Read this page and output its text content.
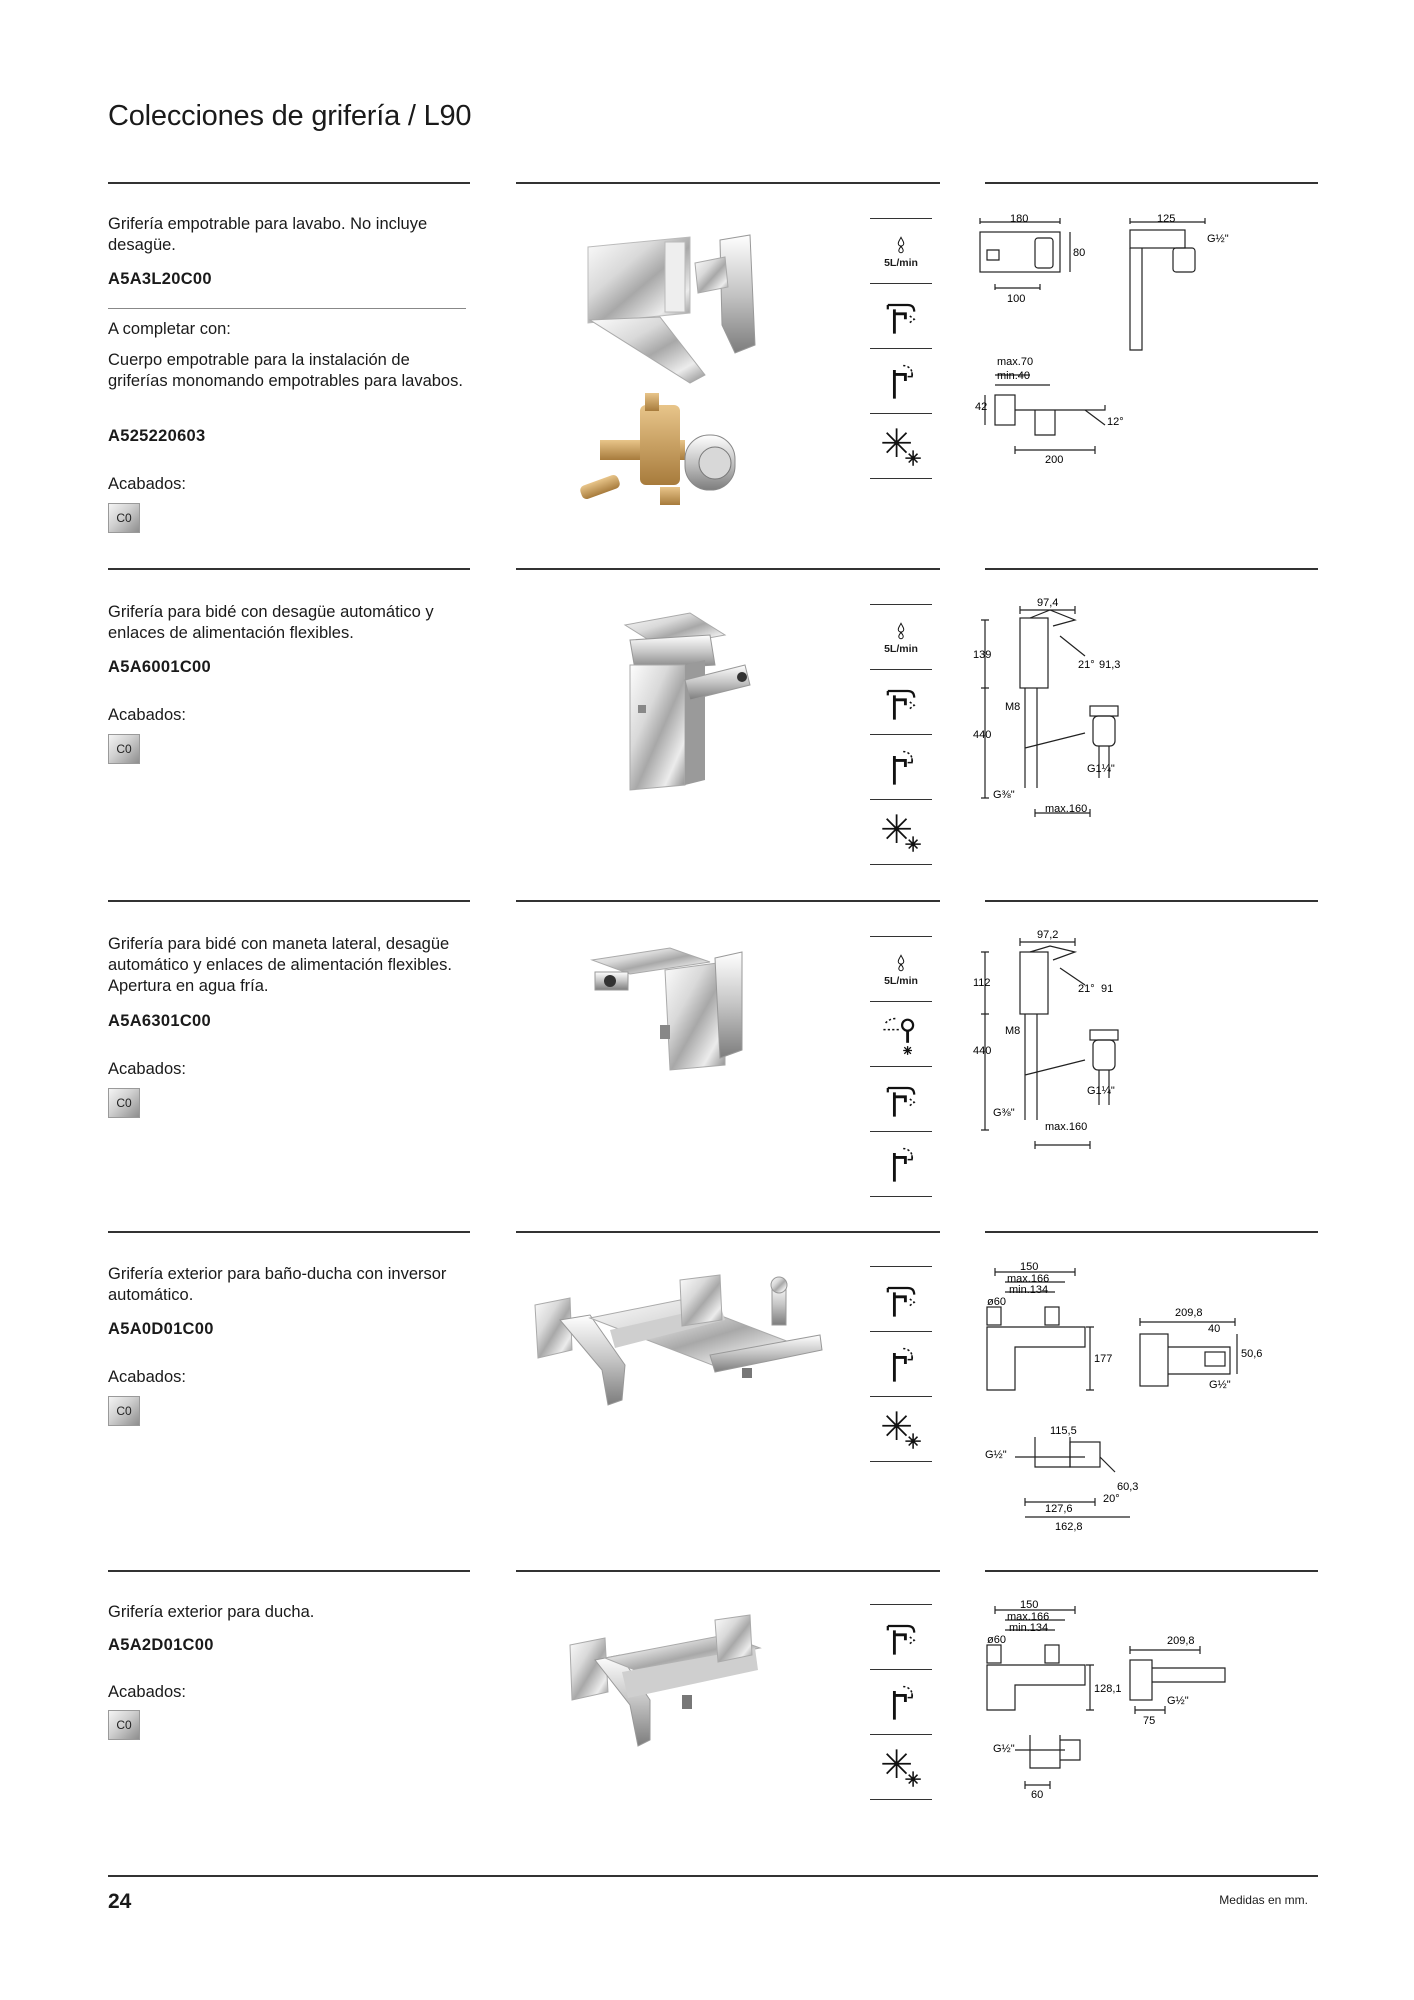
Colecciones de grifería / L90
Grifería empotrable para lavabo. No incluye desagüe.
A5A3L20C00
A completar con:
Cuerpo empotrable para la instalación de griferías monomando empotrables para lavabos.
A525220603
Acabados:
C0
5L/min
180
80
100
125
G½"
max.70
min.40
42
12°
200
Grifería para bidé con desagüe automático y enlaces de alimentación flexibles.
A5A6001C00
Acabados:
C0
5L/min
97,4
139
21° 91,3
M8
440
G1¼"
G⅜"
max.160
Grifería para bidé con maneta lateral, desagüe automático y enlaces de alimentación flexibles. Apertura en agua fría.
A5A6301C00
Acabados:
C0
5L/min
97,2
112	21° 91
M8
440
G1¼"
G⅜"
max.160
Grifería exterior para baño-ducha con inversor automático.
A5A0D01C00
Acabados:
C0
150
max.166
min.134
ø60
177
209,8
40
50,6
G½"
115,5
G½"
60,3
20°
127,6
162,8
Grifería exterior para ducha.
A5A2D01C00
Acabados:
C0
150
max.166
min.134
ø60
128,1
209,8
G½"
75
G½"
60
24	Medidas en mm.
